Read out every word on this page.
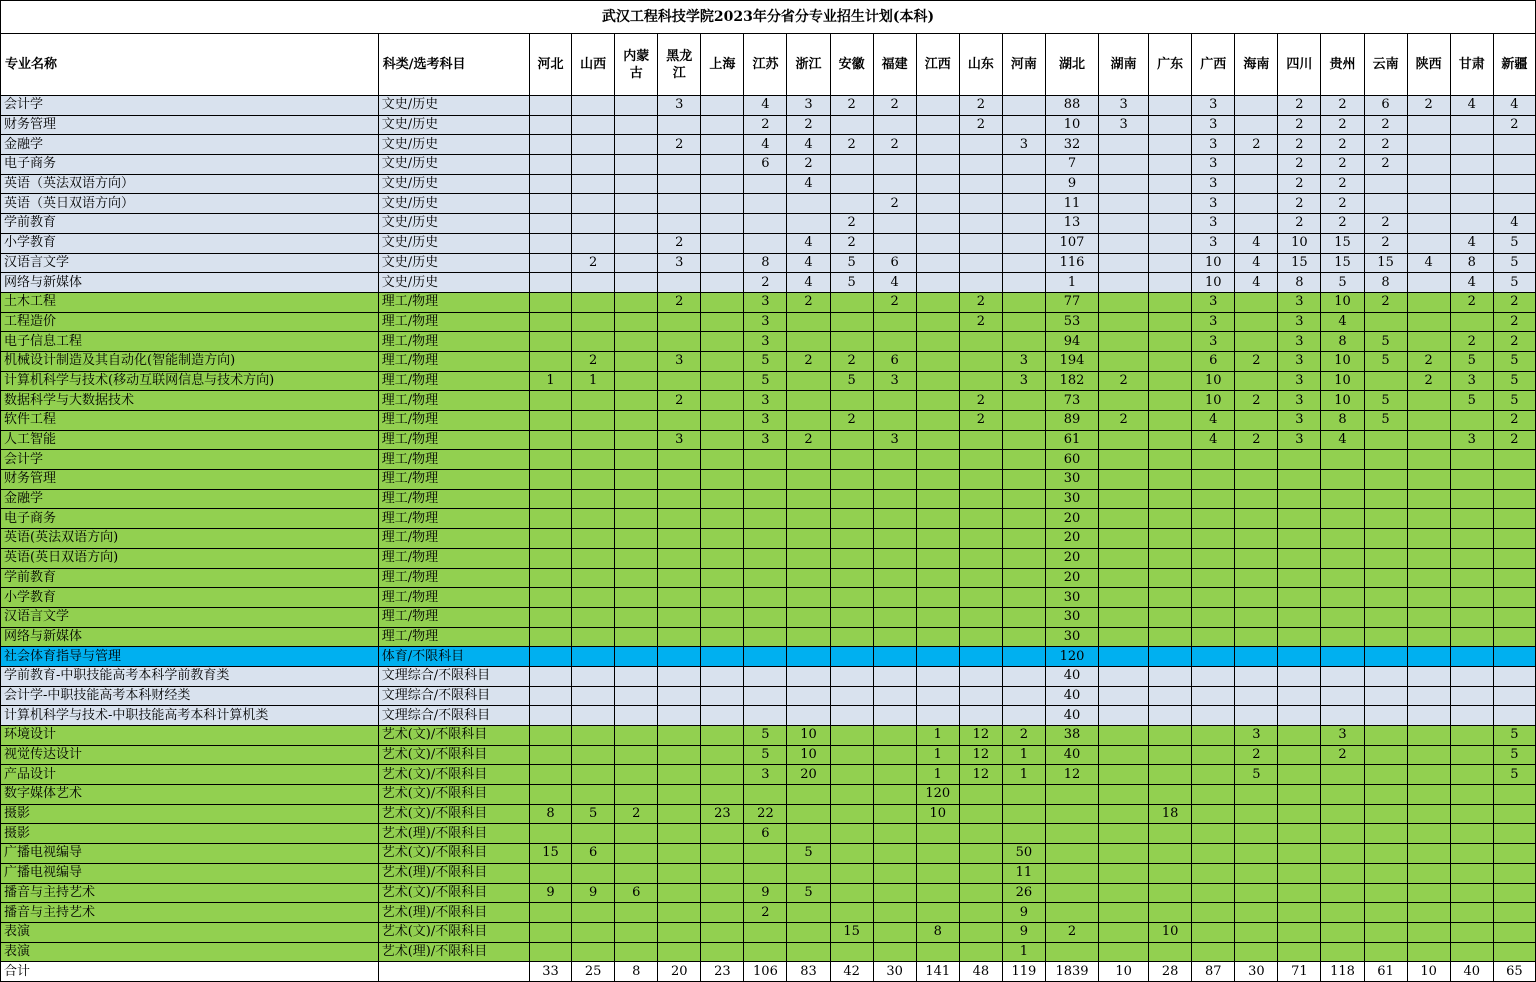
武汉工程科技学院2023年分省分专业招生计划(本科)																								
专业名称	科类/选考科目	河北	山西	内蒙古	黑龙江	上海	江苏	浙江	安徽	福建	江西	山东	河南	湖北	湖南	广东	广西	海南	四川	贵州	云南	陕西	甘肃	新疆
会计学	文史/历史				3		4	3	2	2		2		88	3		3		2	2	6	2	4	4
财务管理	文史/历史						2	2				2		10	3		3		2	2	2			2
金融学	文史/历史				2		4	4	2	2			3	32			3	2	2	2	2			
电子商务	文史/历史						6	2						7			3		2	2	2			
英语（英法双语方向）	文史/历史							4						9			3		2	2				
英语（英日双语方向）	文史/历史									2				11			3		2	2				
学前教育	文史/历史								2					13			3		2	2	2			4
小学教育	文史/历史				2			4	2					107			3	4	10	15	2		4	5
汉语言文学	文史/历史		2		3		8	4	5	6				116			10	4	15	15	15	4	8	5
网络与新媒体	文史/历史						2	4	5	4				1			10	4	8	5	8		4	5
土木工程	理工/物理				2		3	2		2		2		77			3		3	10	2		2	2
工程造价	理工/物理						3					2		53			3		3	4				2
电子信息工程	理工/物理						3							94			3		3	8	5		2	2
机械设计制造及其自动化(智能制造方向)	理工/物理		2		3		5	2	2	6			3	194			6	2	3	10	5	2	5	5
计算机科学与技术(移动互联网信息与技术方向)	理工/物理	1	1				5		5	3			3	182	2		10		3	10		2	3	5
数据科学与大数据技术	理工/物理				2		3					2		73			10	2	3	10	5		5	5
软件工程	理工/物理						3		2			2		89	2		4		3	8	5			2
人工智能	理工/物理				3		3	2		3				61			4	2	3	4			3	2
会计学	理工/物理													60										
财务管理	理工/物理													30										
金融学	理工/物理													30										
电子商务	理工/物理													20										
英语(英法双语方向)	理工/物理													20										
英语(英日双语方向)	理工/物理													20										
学前教育	理工/物理													20										
小学教育	理工/物理													30										
汉语言文学	理工/物理													30										
网络与新媒体	理工/物理													30										
社会体育指导与管理	体育/不限科目													120										
学前教育-中职技能高考本科学前教育类	文理综合/不限科目													40										
会计学-中职技能高考本科财经类	文理综合/不限科目													40										
计算机科学与技术-中职技能高考本科计算机类	文理综合/不限科目													40										
环境设计	艺术(文)/不限科目						5	10			1	12	2	38				3		3				5
视觉传达设计	艺术(文)/不限科目						5	10			1	12	1	40				2		2				5
产品设计	艺术(文)/不限科目						3	20			1	12	1	12				5						5
数字媒体艺术	艺术(文)/不限科目										120													
摄影	艺术(文)/不限科目	8	5	2		23	22				10					18								
摄影	艺术(理)/不限科目						6																	
广播电视编导	艺术(文)/不限科目	15	6					5					50											
广播电视编导	艺术(理)/不限科目												11											
播音与主持艺术	艺术(文)/不限科目	9	9	6			9	5					26											
播音与主持艺术	艺术(理)/不限科目						2						9											
表演	艺术(文)/不限科目								15		8		9	2		10								
表演	艺术(理)/不限科目												1											
合计		33	25	8	20	23	106	83	42	30	141	48	119	1839	10	28	87	30	71	118	61	10	40	65
